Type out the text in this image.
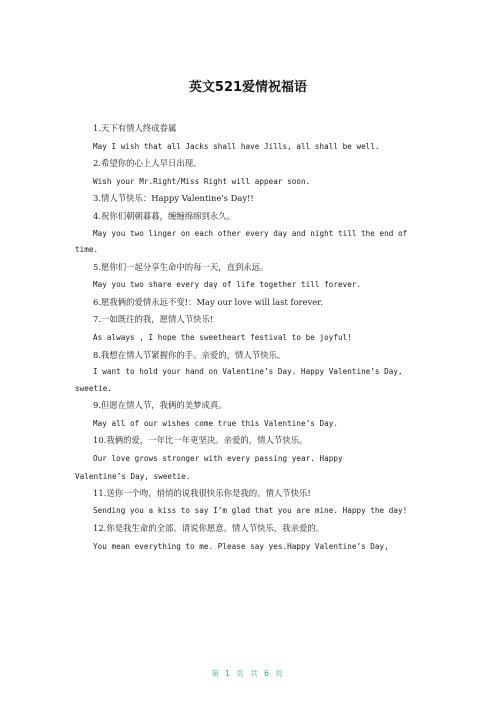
英文521爱情祝福语
1.天下有情人终成眷属
May I wish that all Jacks shall have Jills, all shall be well.
2.希望你的心上人早日出现。
Wish your Mr.Right/Miss Right will appear soon.
3.情人节快乐：Happy Valentine's Day!!
4.祝你们朝朝暮暮，缠缠绵绵到永久。
May you two linger on each other every day and night till the end of time.
5.愿你们一起分享生命中的每一天，直到永远。
May you two share every day of life together till forever.
6.愿我俩的爱情永远不变!：May our love will last forever.
7.一如既往的我，愿情人节快乐!
As always , I hope the sweetheart festival to be joyful!
8.我想在情人节紧握你的手。亲爱的，情人节快乐。
I want to hold your hand on Valentine’s Day. Happy Valentine’s Day, sweetie.
9.但愿在情人节，我俩的美梦成真。
May all of our wishes come true this Valentine’s Day.
10.我俩的爱，一年比一年更坚决。亲爱的，情人节快乐。
Our love grows stronger with every passing year. Happy
Valentine’s Day, sweetie.
11.送你一个吻，悄悄的说我很快乐你是我的。情人节快乐!
Sending you a kiss to say I’m glad that you are mine. Happy the day!
12.你是我生命的全部。请说你愿意。情人节快乐，我亲爱的。
You mean everything to me. Please say yes.Happy Valentine’s Day,
第 1 页 共 6 页
